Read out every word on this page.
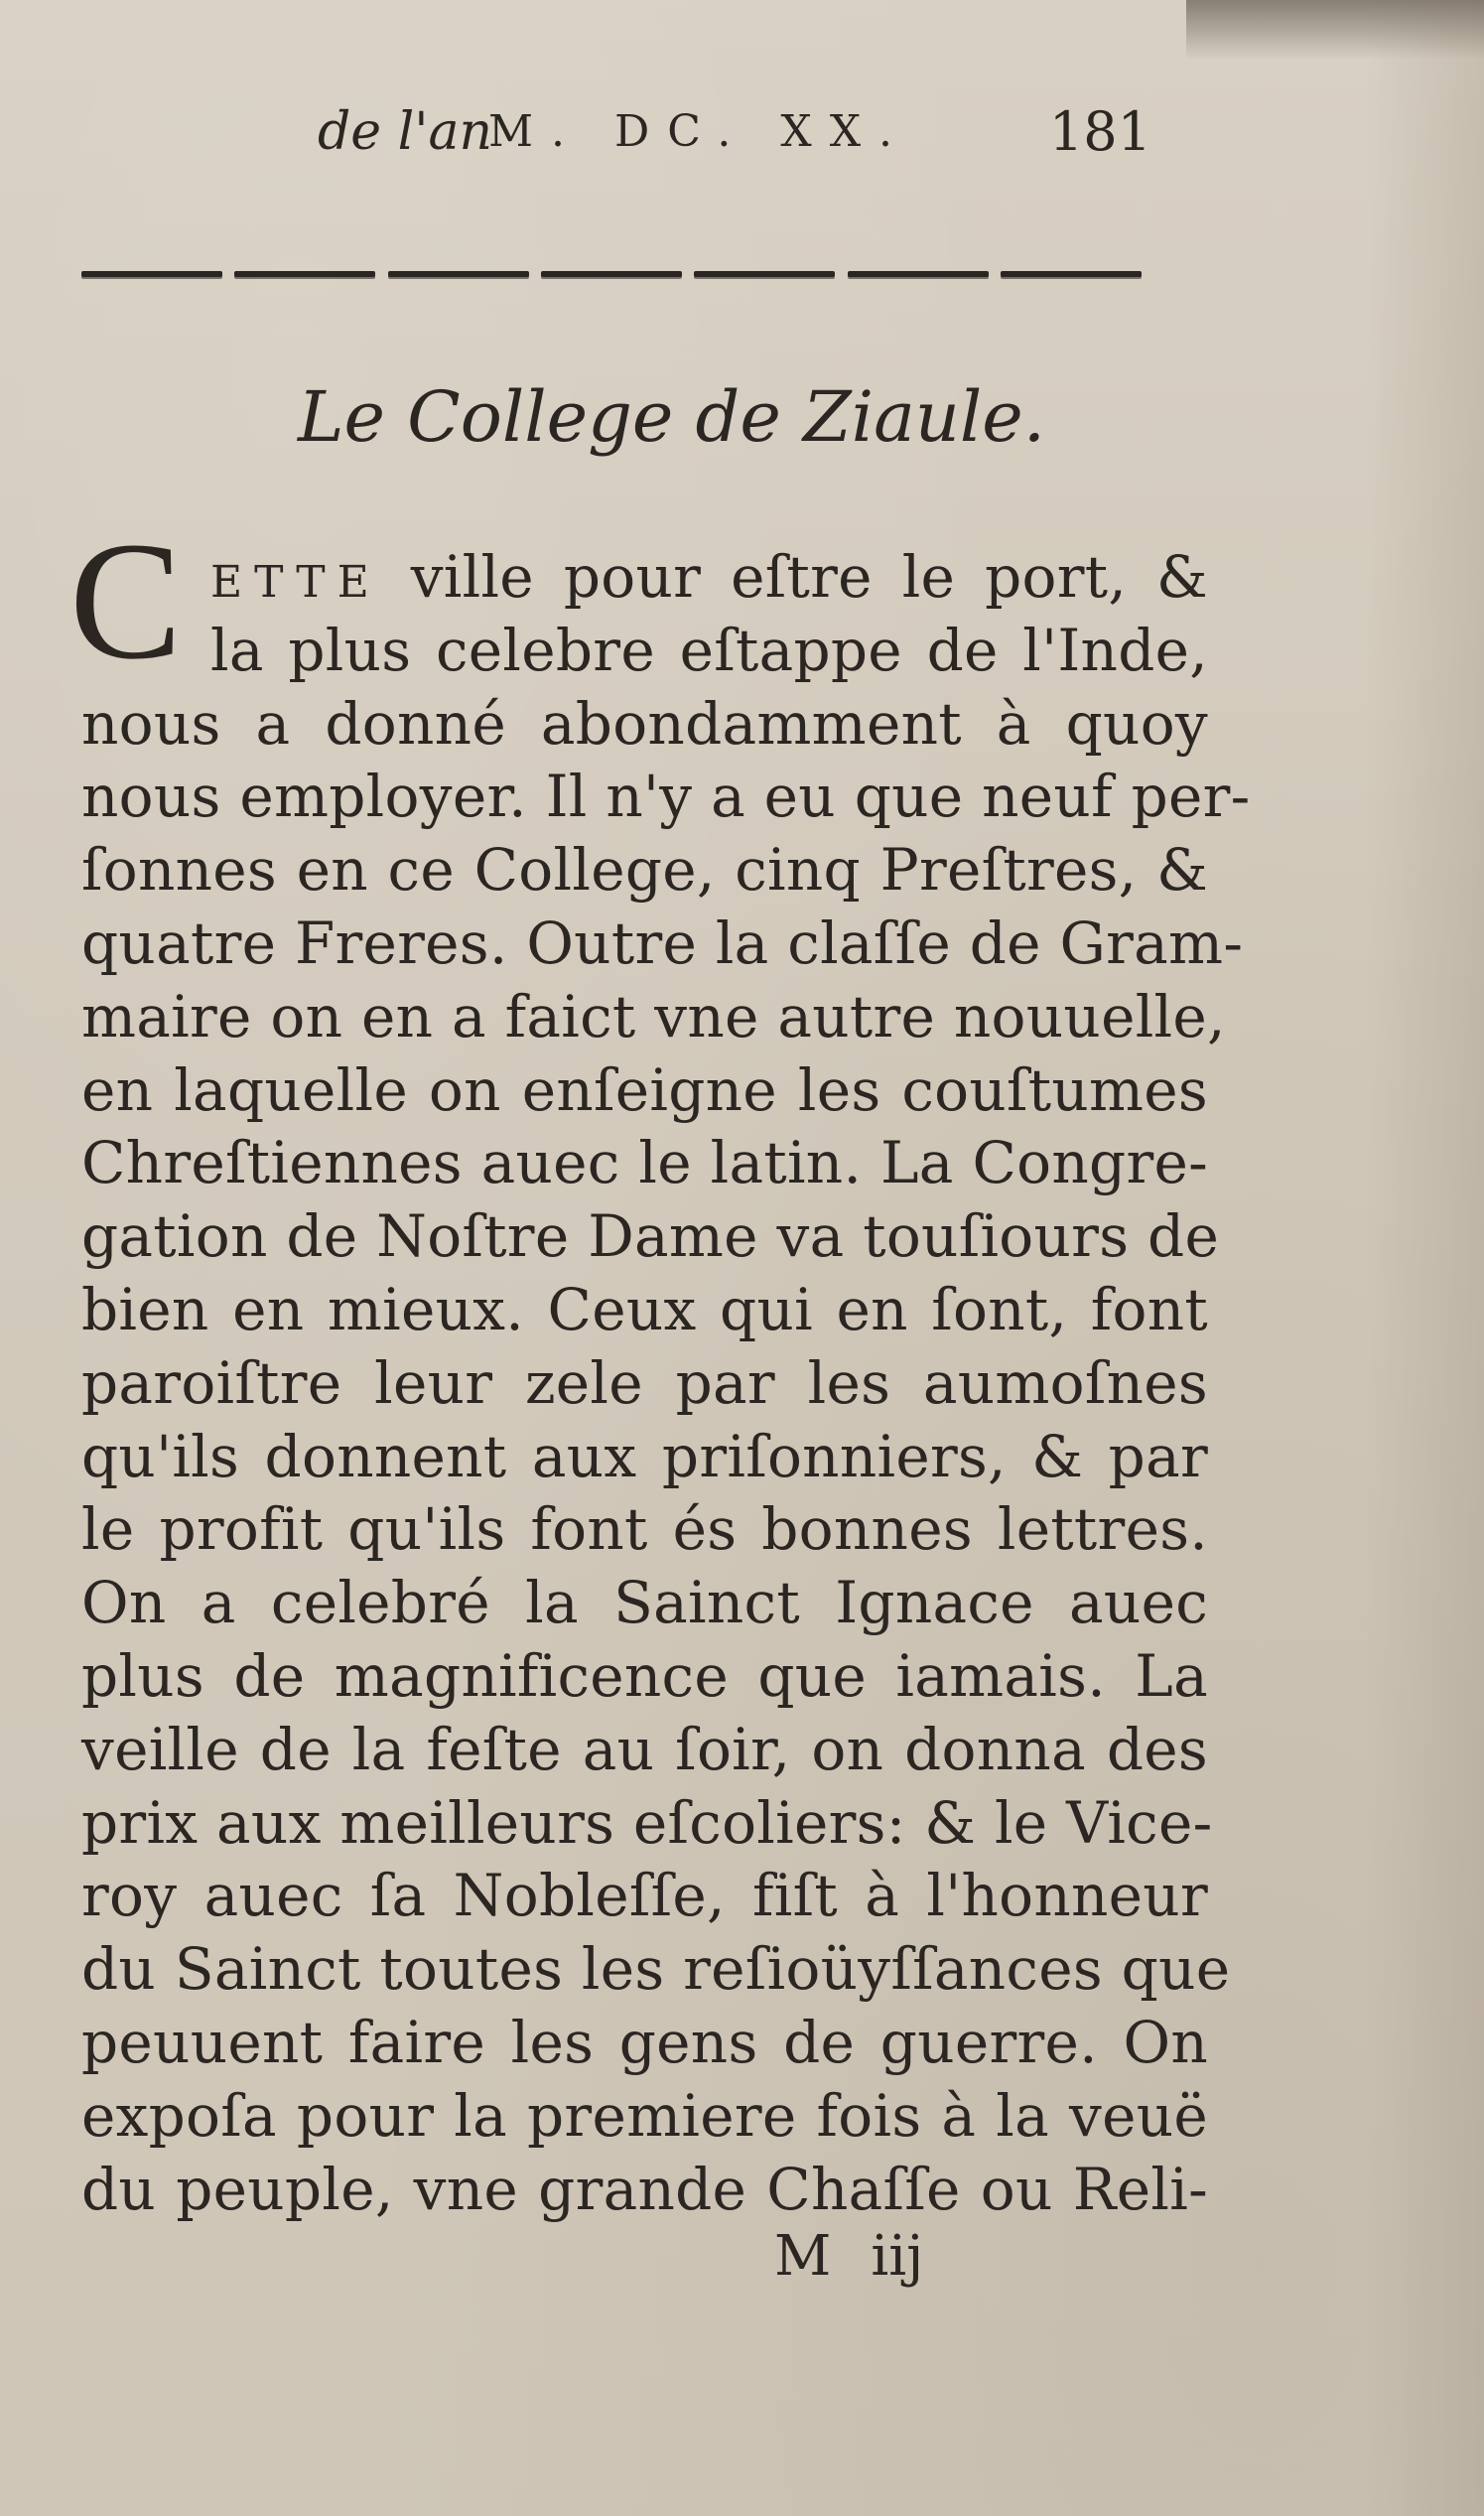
de l'an
M. DC. XX.	181
Le College de Ziaule.
C ETTE ville pour eſtre le port, &
la plus celebre eſtappe de l'Inde,
nous a donné abondamment à quoy
nous employer. Il n'y a eu que neuf per-
ſonnes en ce College, cinq Preſtres, &
quatre Freres. Outre la claſſe de Gram-
maire on en a faict vne autre nouuelle,
en laquelle on enſeigne les couſtumes
Chreſtiennes auec le latin. La Congre-
gation de Noſtre Dame va touſiours de
bien en mieux. Ceux qui en ſont, font
paroiſtre leur zele par les aumoſnes
qu'ils donnent aux priſonniers, & par
le profit qu'ils font és bonnes lettres.
On a celebré la Sainct Ignace auec
plus de magnificence que iamais. La
veille de la feſte au ſoir, on donna des
prix aux meilleurs eſcoliers: & le Vice-
roy auec ſa Nobleſſe, fiſt à l'honneur
du Sainct toutes les reſioüyſſances que
peuuent faire les gens de guerre. On
expoſa pour la premiere fois à la veuë
du peuple, vne grande Chaſſe ou Reli-
M iij
